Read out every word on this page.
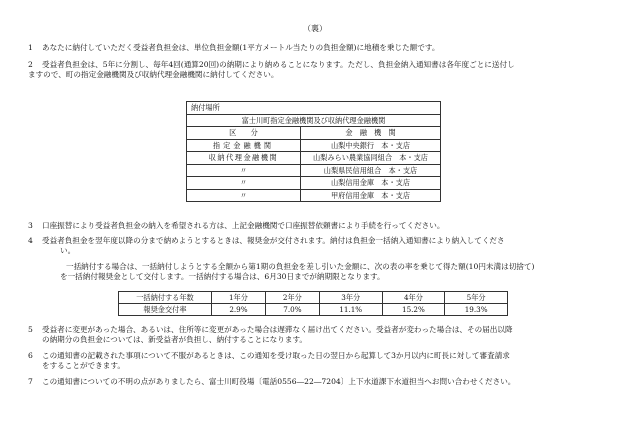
（裏）
1	あなたに納付していただく受益者負担金は、単位負担金額(1平方メートル当たりの負担金額)に地積を乗じた額です。
2	受益者負担金は、5年に分割し、毎年4回(通算20回)の納期により納めることになります。ただし、負担金納入通知書は各年度ごとに送付し
ますので、町の指定金融機関及び収納代理金融機関に納付してください。
納付場所	
富士川町指定金融機関及び収納代理金融機関	
区　　分	金　融　機　関
指定金融機関	山梨中央銀行　本・支店
収納代理金融機関	山梨みらい農業協同組合　本・支店
〃	山梨県民信用組合　本・支店
〃	山梨信用金庫　本・支店
〃	甲府信用金庫　本・支店
3	口座振替により受益者負担金の納入を希望される方は、上記金融機関で口座振替依頼書により手続を行ってください。
4	受益者負担金を翌年度以降の分まで納めようとするときは、報奨金が交付されます。納付は負担金一括納入通知書により納入してくださ
い。
一括納付する場合は、一括納付しようとする全額から第1期の負担金を差し引いた金額に、次の表の率を乗じて得た額(10円未満は切捨て)
を一括納付報奨金として交付します。一括納付する場合は、6月30日までが納期限となります。
一括納付する年数	1年分	2年分	3年分	4年分	5年分
報奨金交付率	2.9%	7.0%	11.1%	15.2%	19.3%
5	受益者に変更があった場合、あるいは、住所等に変更があった場合は遅滞なく届け出てください。受益者が変わった場合は、その届出以降
の納期分の負担金については、新受益者が負担し、納付することになります。
6	この通知書の記載された事項について不服があるときは、この通知を受け取った日の翌日から起算して3か月以内に町長に対して審査請求
をすることができます。
7	この通知書についての不明の点がありましたら、富士川町役場〔電話0556―22―7204〕上下水道課下水道担当へお問い合わせください。
